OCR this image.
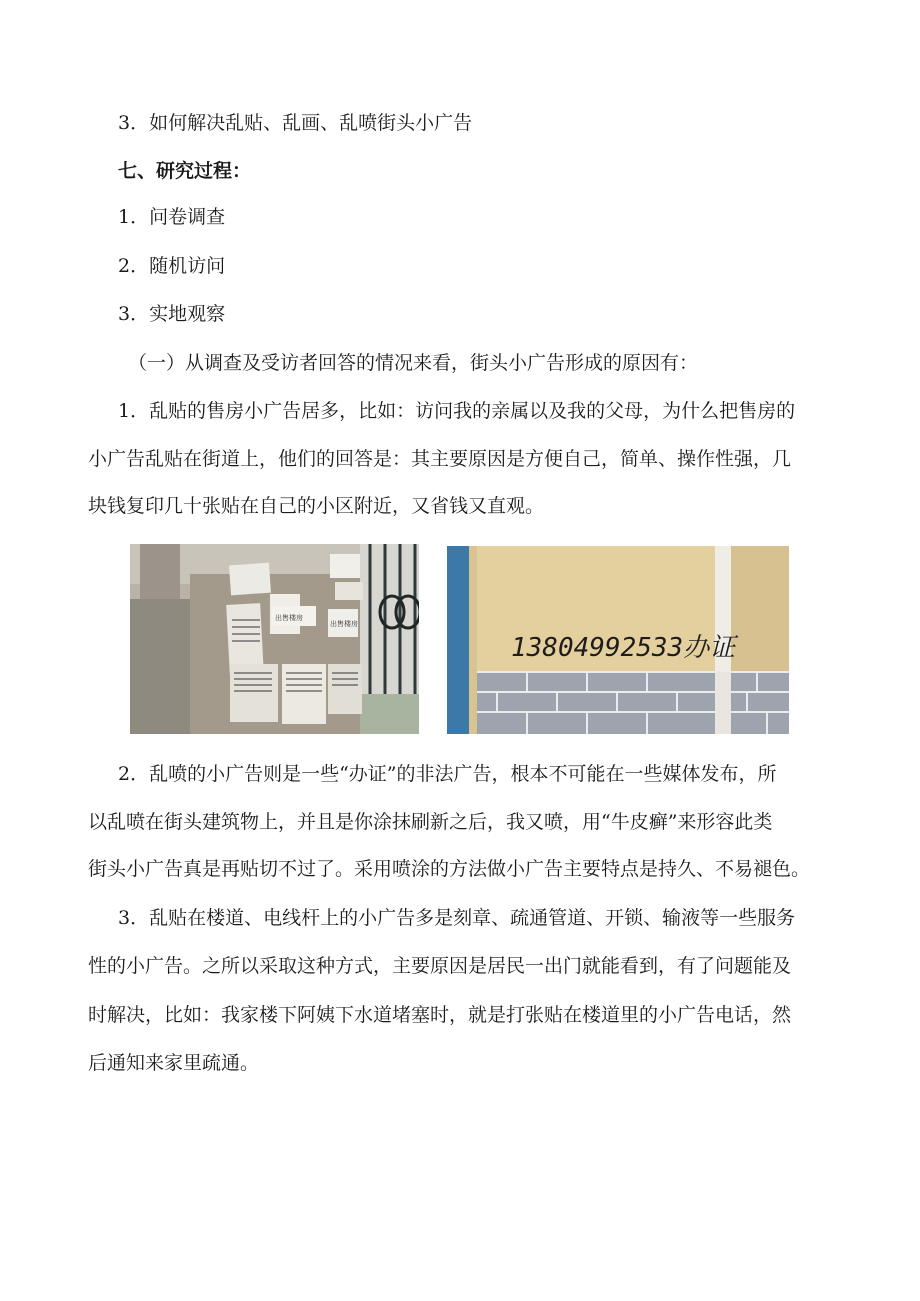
3．如何解决乱贴、乱画、乱喷街头小广告
七、研究过程：
1．问卷调查
2．随机访问
3．实地观察
（一）从调查及受访者回答的情况来看，街头小广告形成的原因有：
1．乱贴的售房小广告居多，比如：访问我的亲属以及我的父母，为什么把售房的
小广告乱贴在街道上，他们的回答是：其主要原因是方便自己，简单、操作性强，几
块钱复印几十张贴在自己的小区附近，又省钱又直观。
出售楼房
出售楼房
13804992533办证
2．乱喷的小广告则是一些“办证”的非法广告，根本不可能在一些媒体发布，所
以乱喷在街头建筑物上，并且是你涂抹刷新之后，我又喷，用“牛皮癣”来形容此类
街头小广告真是再贴切不过了。采用喷涂的方法做小广告主要特点是持久、不易褪色。
3．乱贴在楼道、电线杆上的小广告多是刻章、疏通管道、开锁、输液等一些服务
性的小广告。之所以采取这种方式，主要原因是居民一出门就能看到，有了问题能及
时解决，比如：我家楼下阿姨下水道堵塞时，就是打张贴在楼道里的小广告电话，然
后通知来家里疏通。
